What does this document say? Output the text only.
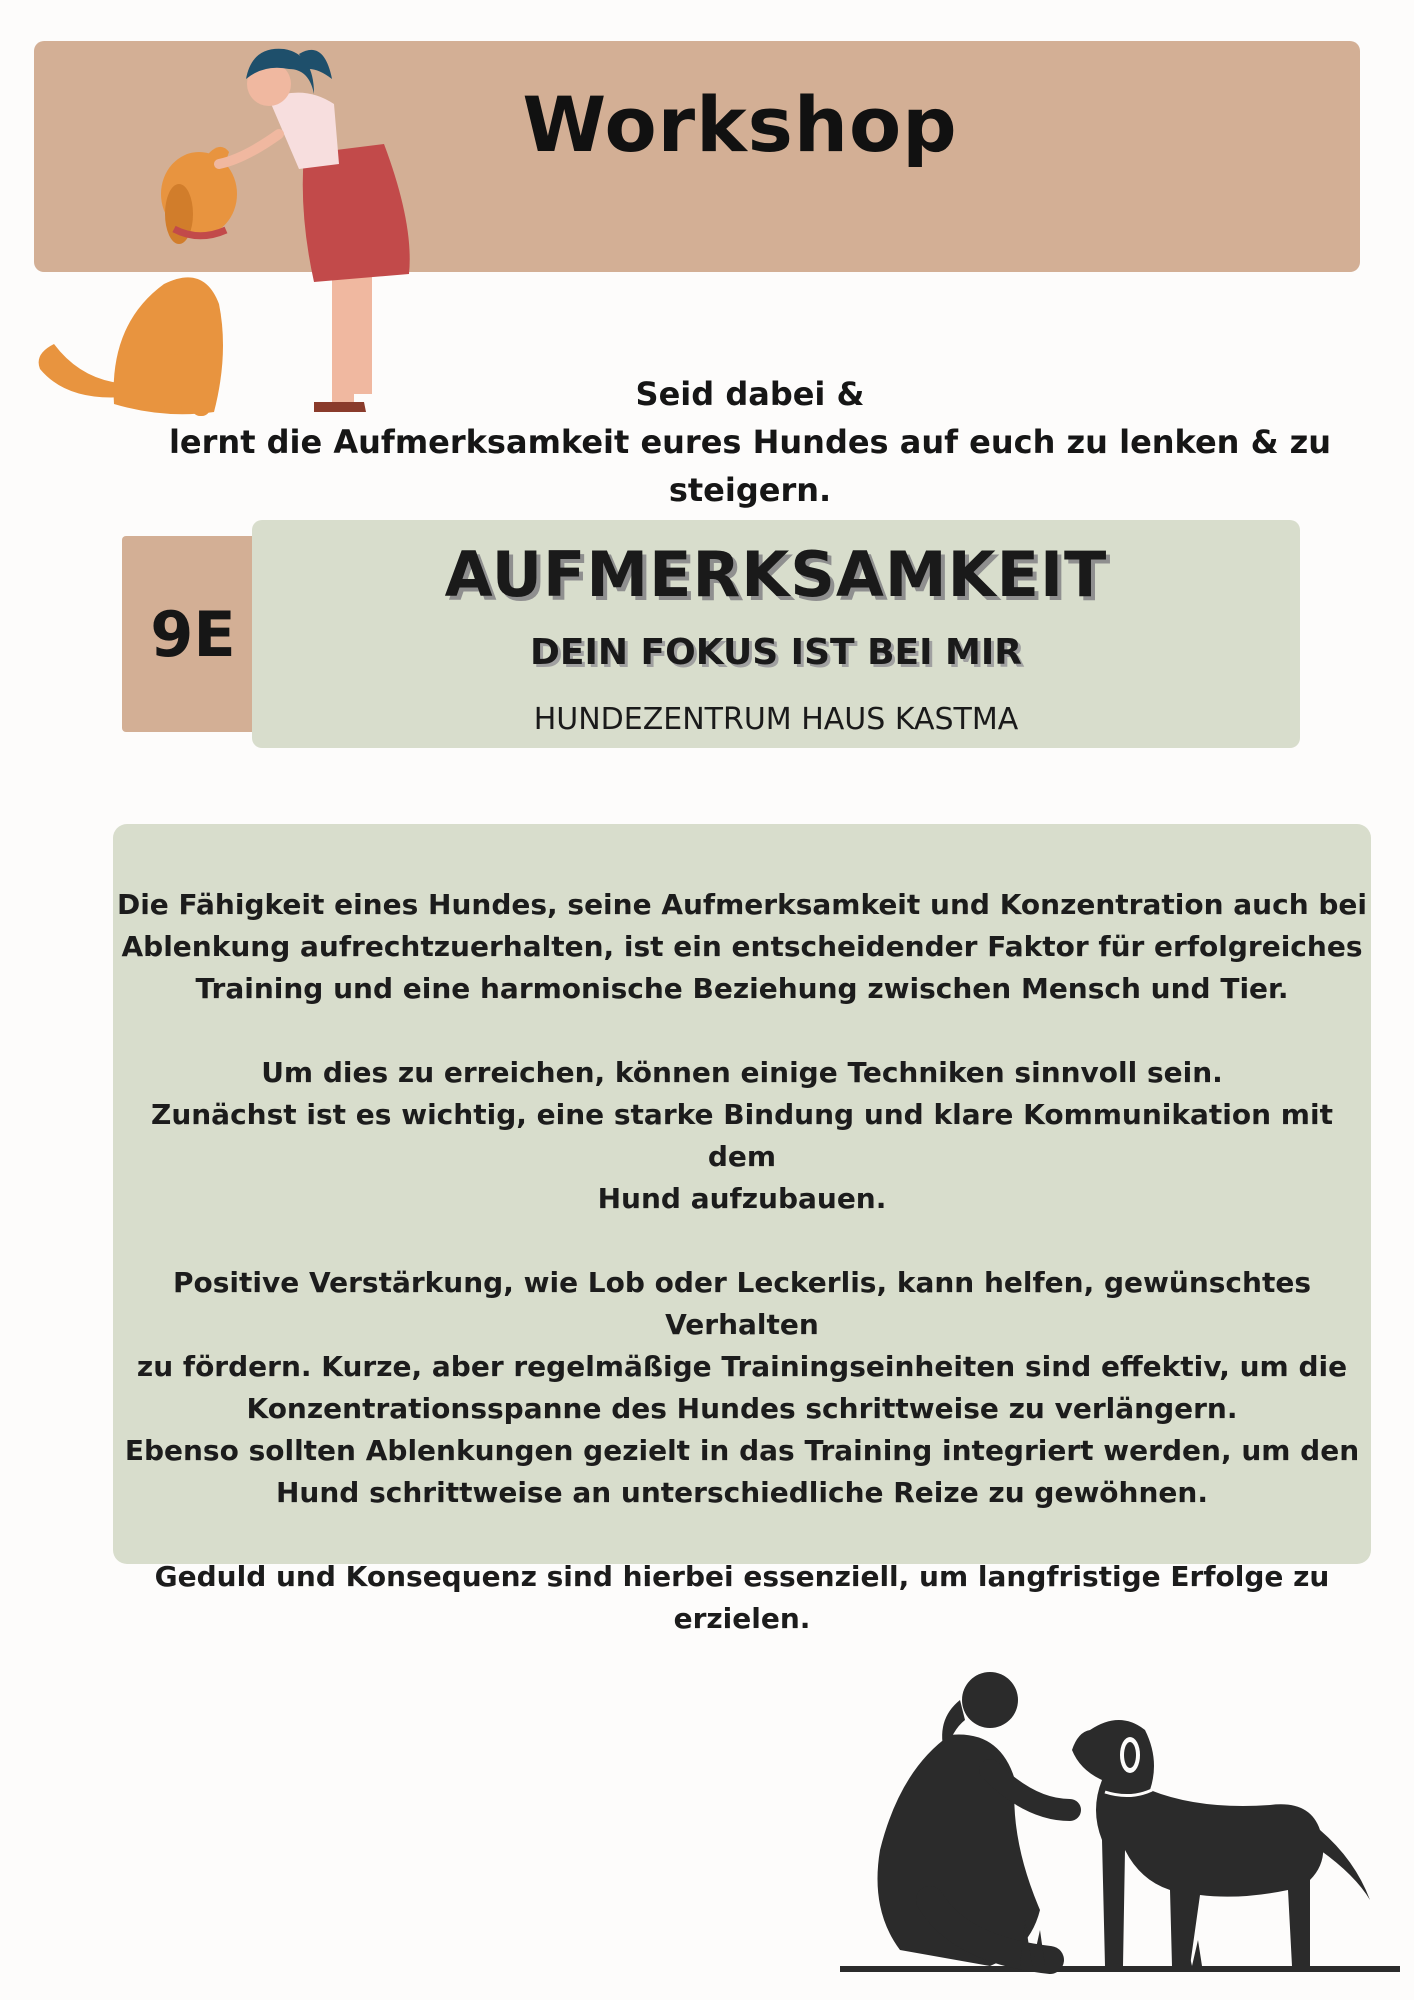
Workshop
Seid dabei &
lernt die Aufmerksamkeit eures Hundes auf euch zu lenken & zu steigern.
9E
AUFMERKSAMKEIT
DEIN FOKUS IST BEI MIR
HUNDEZENTRUM HAUS KASTMA

Die Fähigkeit eines Hundes, seine Aufmerksamkeit und Konzentration auch bei
Ablenkung aufrechtzuerhalten, ist ein entscheidender Faktor für erfolgreiches
Training und eine harmonische Beziehung zwischen Mensch und Tier.

Um dies zu erreichen, können einige Techniken sinnvoll sein.
Zunächst ist es wichtig, eine starke Bindung und klare Kommunikation mit dem
Hund aufzubauen.

Positive Verstärkung, wie Lob oder Leckerlis, kann helfen, gewünschtes Verhalten
zu fördern. Kurze, aber regelmäßige Trainingseinheiten sind effektiv, um die
Konzentrationsspanne des Hundes schrittweise zu verlängern.
Ebenso sollten Ablenkungen gezielt in das Training integriert werden, um den
Hund schrittweise an unterschiedliche Reize zu gewöhnen.

Geduld und Konsequenz sind hierbei essenziell, um langfristige Erfolge zu erzielen.
